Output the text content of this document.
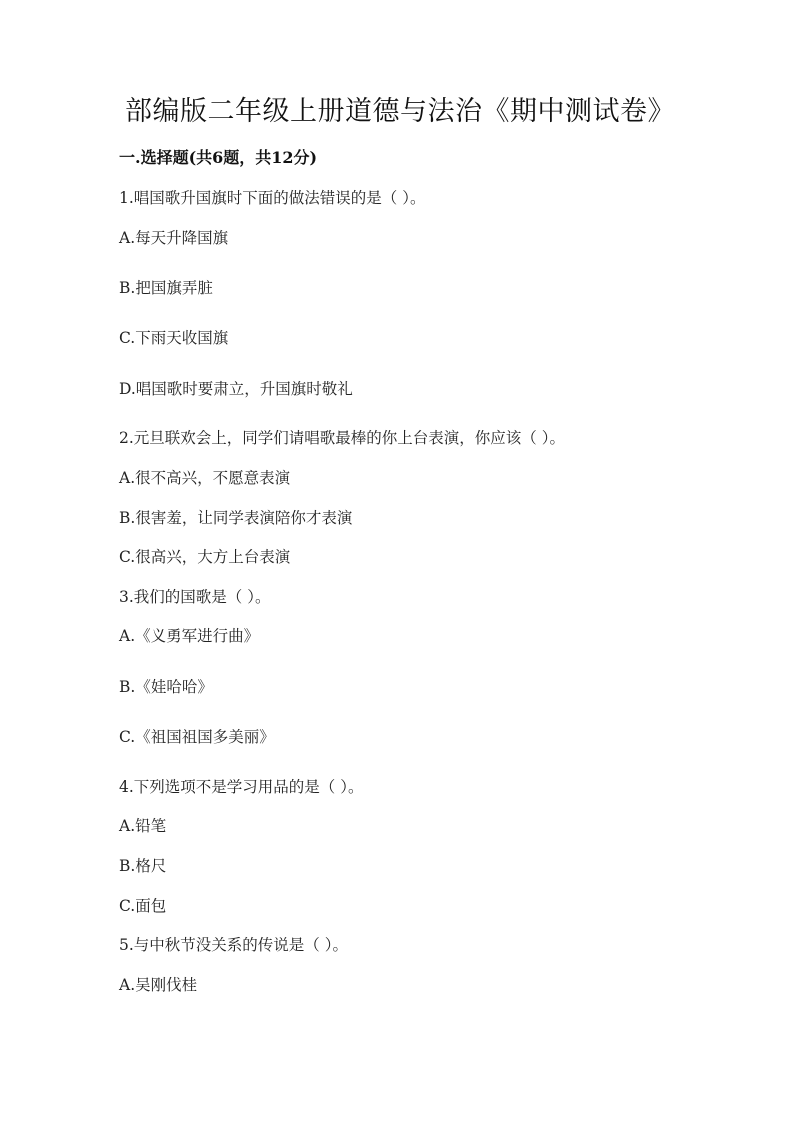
部编版二年级上册道德与法治《期中测试卷》
一.选择题(共6题，共12分)
1.唱国歌升国旗时下面的做法错误的是（ ）。
A.每天升降国旗
B.把国旗弄脏
C.下雨天收国旗
D.唱国歌时要肃立，升国旗时敬礼
2.元旦联欢会上，同学们请唱歌最棒的你上台表演，你应该（ ）。
A.很不高兴，不愿意表演
B.很害羞，让同学表演陪你才表演
C.很高兴，大方上台表演
3.我们的国歌是（ ）。
A.《义勇军进行曲》
B.《娃哈哈》
C.《祖国祖国多美丽》
4.下列选项不是学习用品的是（ ）。
A.铅笔
B.格尺
C.面包
5.与中秋节没关系的传说是（ ）。
A.吴刚伐桂
